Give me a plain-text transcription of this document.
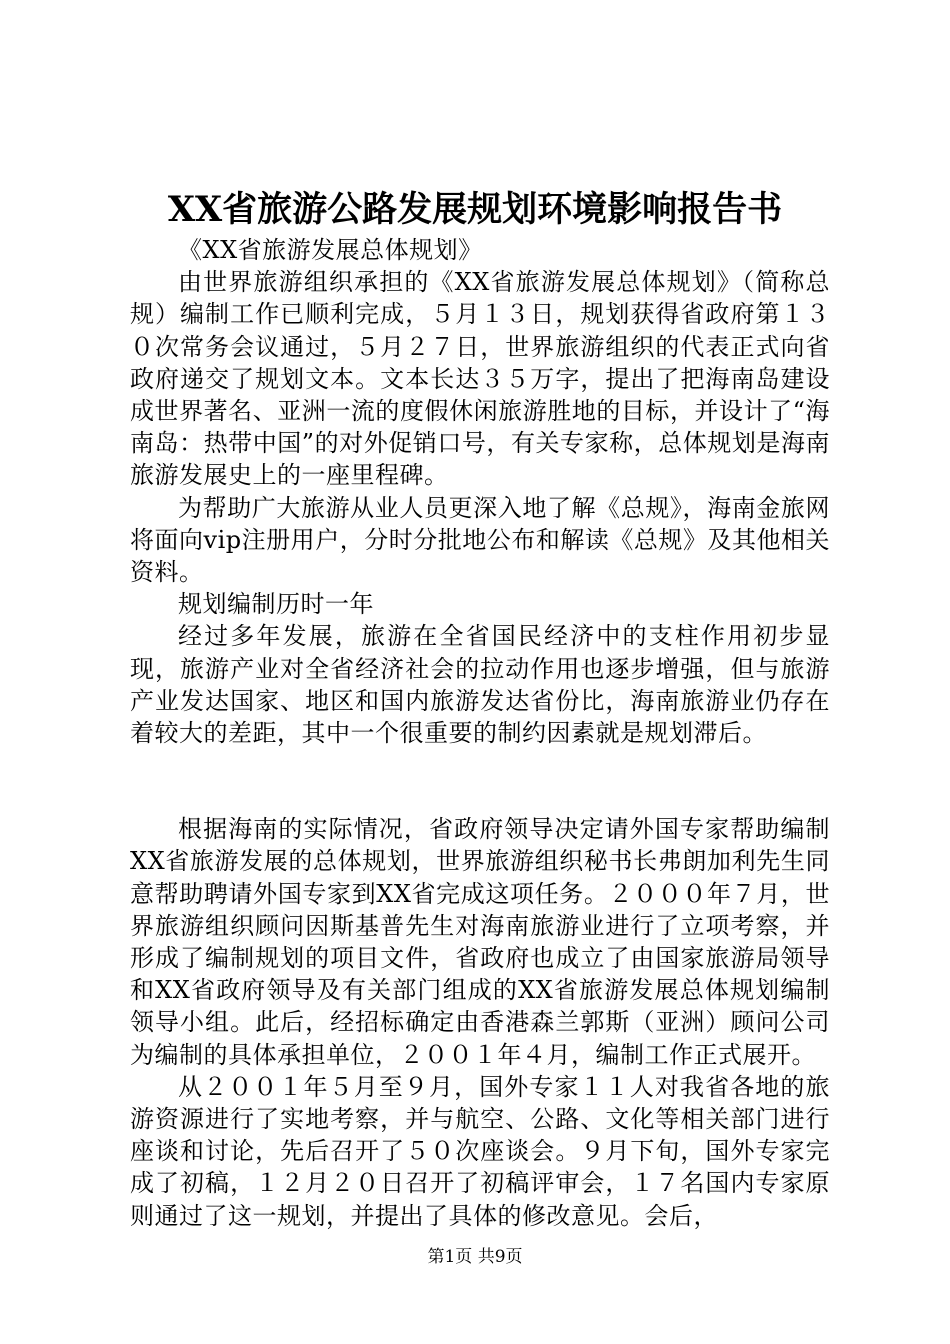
XX省旅游公路发展规划环境影响报告书

《XX省旅游发展总体规划》

由世界旅游组织承担的《XX省旅游发展总体规划》（简称总规）编制工作已顺利完成，５月１３日，规划获得省政府第１３０次常务会议通过，５月２７日，世界旅游组织的代表正式向省政府递交了规划文本。文本长达３５万字，提出了把海南岛建设成世界著名、亚洲一流的度假休闲旅游胜地的目标，并设计了“海南岛：热带中国”的对外促销口号，有关专家称，总体规划是海南旅游发展史上的一座里程碑。

为帮助广大旅游从业人员更深入地了解《总规》，海南金旅网将面向vip注册用户，分时分批地公布和解读《总规》及其他相关资料。

规划编制历时一年

经过多年发展，旅游在全省国民经济中的支柱作用初步显现，旅游产业对全省经济社会的拉动作用也逐步增强，但与旅游产业发达国家、地区和国内旅游发达省份比，海南旅游业仍存在着较大的差距，其中一个很重要的制约因素就是规划滞后。

根据海南的实际情况，省政府领导决定请外国专家帮助编制XX省旅游发展的总体规划，世界旅游组织秘书长弗朗加利先生同意帮助聘请外国专家到XX省完成这项任务。２０００年７月，世界旅游组织顾问因斯基普先生对海南旅游业进行了立项考察，并形成了编制规划的项目文件，省政府也成立了由国家旅游局领导和XX省政府领导及有关部门组成的XX省旅游发展总体规划编制领导小组。此后，经招标确定由香港森兰郭斯（亚洲）顾问公司为编制的具体承担单位，２００１年４月，编制工作正式展开。

从２００１年５月至９月，国外专家１１人对我省各地的旅游资源进行了实地考察，并与航空、公路、文化等相关部门进行座谈和讨论，先后召开了５０次座谈会。９月下旬，国外专家完成了初稿，１２月２０日召开了初稿评审会，１７名国内专家原则通过了这一规划，并提出了具体的修改意见。会后，

第1页 共9页
